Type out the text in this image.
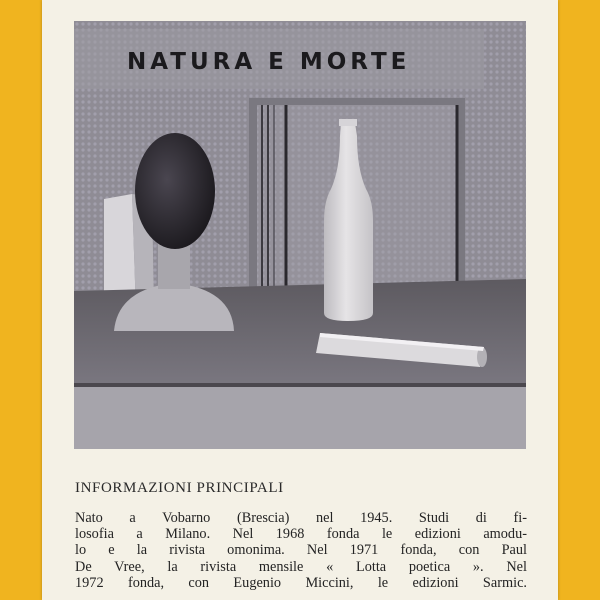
NATURA E MORTE
INFORMAZIONI PRINCIPALI
Nato a Vobarno (Brescia) nel 1945. Studi di fi-
losofia a Milano. Nel 1968 fonda le edizioni amodu-
lo e la rivista omonima. Nel 1971 fonda, con Paul
De Vree, la rivista mensile « Lotta poetica ». Nel
1972 fonda, con Eugenio Miccini, le edizioni Sarmic.
